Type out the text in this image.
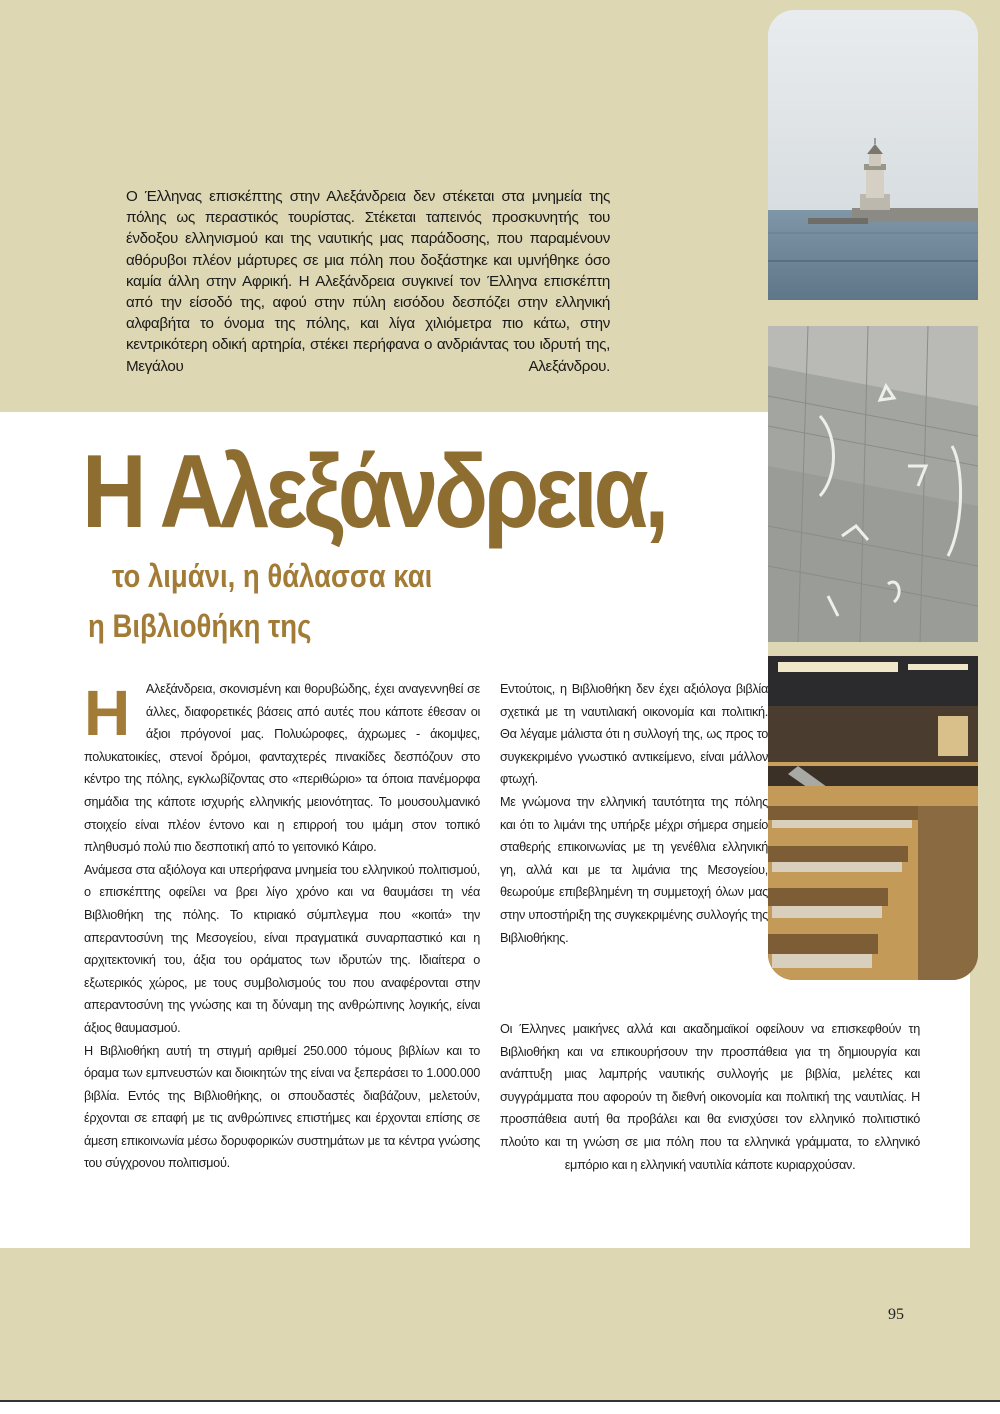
Ο Έλληνας επισκέπτης στην Αλεξάνδρεια δεν στέκεται στα μνημεία της πόλης ως περαστικός τουρίστας. Στέκεται ταπεινός προσκυνητής του ένδοξου ελληνισμού και της ναυτικής μας παράδοσης, που παραμένουν αθόρυβοι πλέον μάρτυρες σε μια πόλη που δοξάστηκε και υμνήθηκε όσο καμία άλλη στην Αφρική. Η Αλεξάνδρεια συγκινεί τον Έλληνα επισκέπτη από την είσοδό της, αφού στην πύλη εισόδου δεσπόζει στην ελληνική αλφαβήτα το όνομα της πόλης, και λίγα χιλιόμετρα πιο κάτω, στην κεντρικότερη οδική αρτηρία, στέκει περήφανα ο ανδριάντας του ιδρυτή της, Μεγάλου Αλεξάνδρου.

Η Αλεξάνδρεια,
το λιμάνι, η θάλασσα και
η Βιβλιοθήκη της

Η Αλεξάνδρεια, σκονισμένη και θορυβώδης, έχει αναγεννηθεί σε άλλες, διαφορετικές βάσεις από αυτές που κάποτε έθεσαν οι άξιοι πρόγονοί μας. Πολυώροφες, άχρωμες - άκομψες, πολυκατοικίες, στενοί δρόμοι, φανταχτερές πινακίδες δεσπόζουν στο κέντρο της πόλης, εγκλωβίζοντας στο «περιθώριο» τα όποια πανέμορφα σημάδια της κάποτε ισχυρής ελληνικής μειονότητας. Το μουσουλμανικό στοιχείο είναι πλέον έντονο και η επιρροή του ιμάμη στον τοπικό πληθυσμό πολύ πιο δεσποτική από το γειτονικό Κάιρο.

Ανάμεσα στα αξιόλογα και υπερήφανα μνημεία του ελληνικού πολιτισμού, ο επισκέπτης οφείλει να βρει λίγο χρόνο και να θαυμάσει τη νέα Βιβλιοθήκη της πόλης. Το κτιριακό σύμπλεγμα που «κοιτά» την απεραντοσύνη της Μεσογείου, είναι πραγματικά συναρπαστικό και η αρχιτεκτονική του, άξια του οράματος των ιδρυτών της. Ιδιαίτερα ο εξωτερικός χώρος, με τους συμβολισμούς του που αναφέρονται στην απεραντοσύνη της γνώσης και τη δύναμη της ανθρώπινης λογικής, είναι άξιος θαυμασμού.

Η Βιβλιοθήκη αυτή τη στιγμή αριθμεί 250.000 τόμους βιβλίων και το όραμα των εμπνευστών και διοικητών της είναι να ξεπεράσει το 1.000.000 βιβλία. Εντός της Βιβλιοθήκης, οι σπουδαστές διαβάζουν, μελετούν, έρχονται σε επαφή με τις ανθρώπινες επιστήμες και έρχονται επίσης σε άμεση επικοινωνία μέσω δορυφορικών συστημάτων με τα κέντρα γνώσης του σύγχρονου πολιτισμού.

Εντούτοις, η Βιβλιοθήκη δεν έχει αξιόλογα βιβλία σχετικά με τη ναυτιλιακή οικονομία και πολιτική. Θα λέγαμε μάλιστα ότι η συλλογή της, ως προς το συγκεκριμένο γνωστικό αντικείμενο, είναι μάλλον φτωχή.

Με γνώμονα την ελληνική ταυτότητα της πόλης και ότι το λιμάνι της υπήρξε μέχρι σήμερα σημείο σταθερής επικοινωνίας με τη γενέθλια ελληνική γη, αλλά και με τα λιμάνια της Μεσογείου, θεωρούμε επιβεβλημένη τη συμμετοχή όλων μας στην υποστήριξη της συγκεκριμένης συλλογής της Βιβλιοθήκης.

Οι Έλληνες μαικήνες αλλά και ακαδημαϊκοί οφείλουν να επισκεφθούν τη Βιβλιοθήκη και να επικουρήσουν την προσπάθεια για τη δημιουργία και ανάπτυξη μιας λαμπρής ναυτικής συλλογής με βιβλία, μελέτες και συγγράμματα που αφορούν τη διεθνή οικονομία και πολιτική της ναυτιλίας. Η προσπάθεια αυτή θα προβάλει και θα ενισχύσει τον ελληνικό πολιτιστικό πλούτο και τη γνώση σε μια πόλη που τα ελληνικά γράμματα, το ελληνικό εμπόριο και η ελληνική ναυτιλία κάποτε κυριαρχούσαν.

95
